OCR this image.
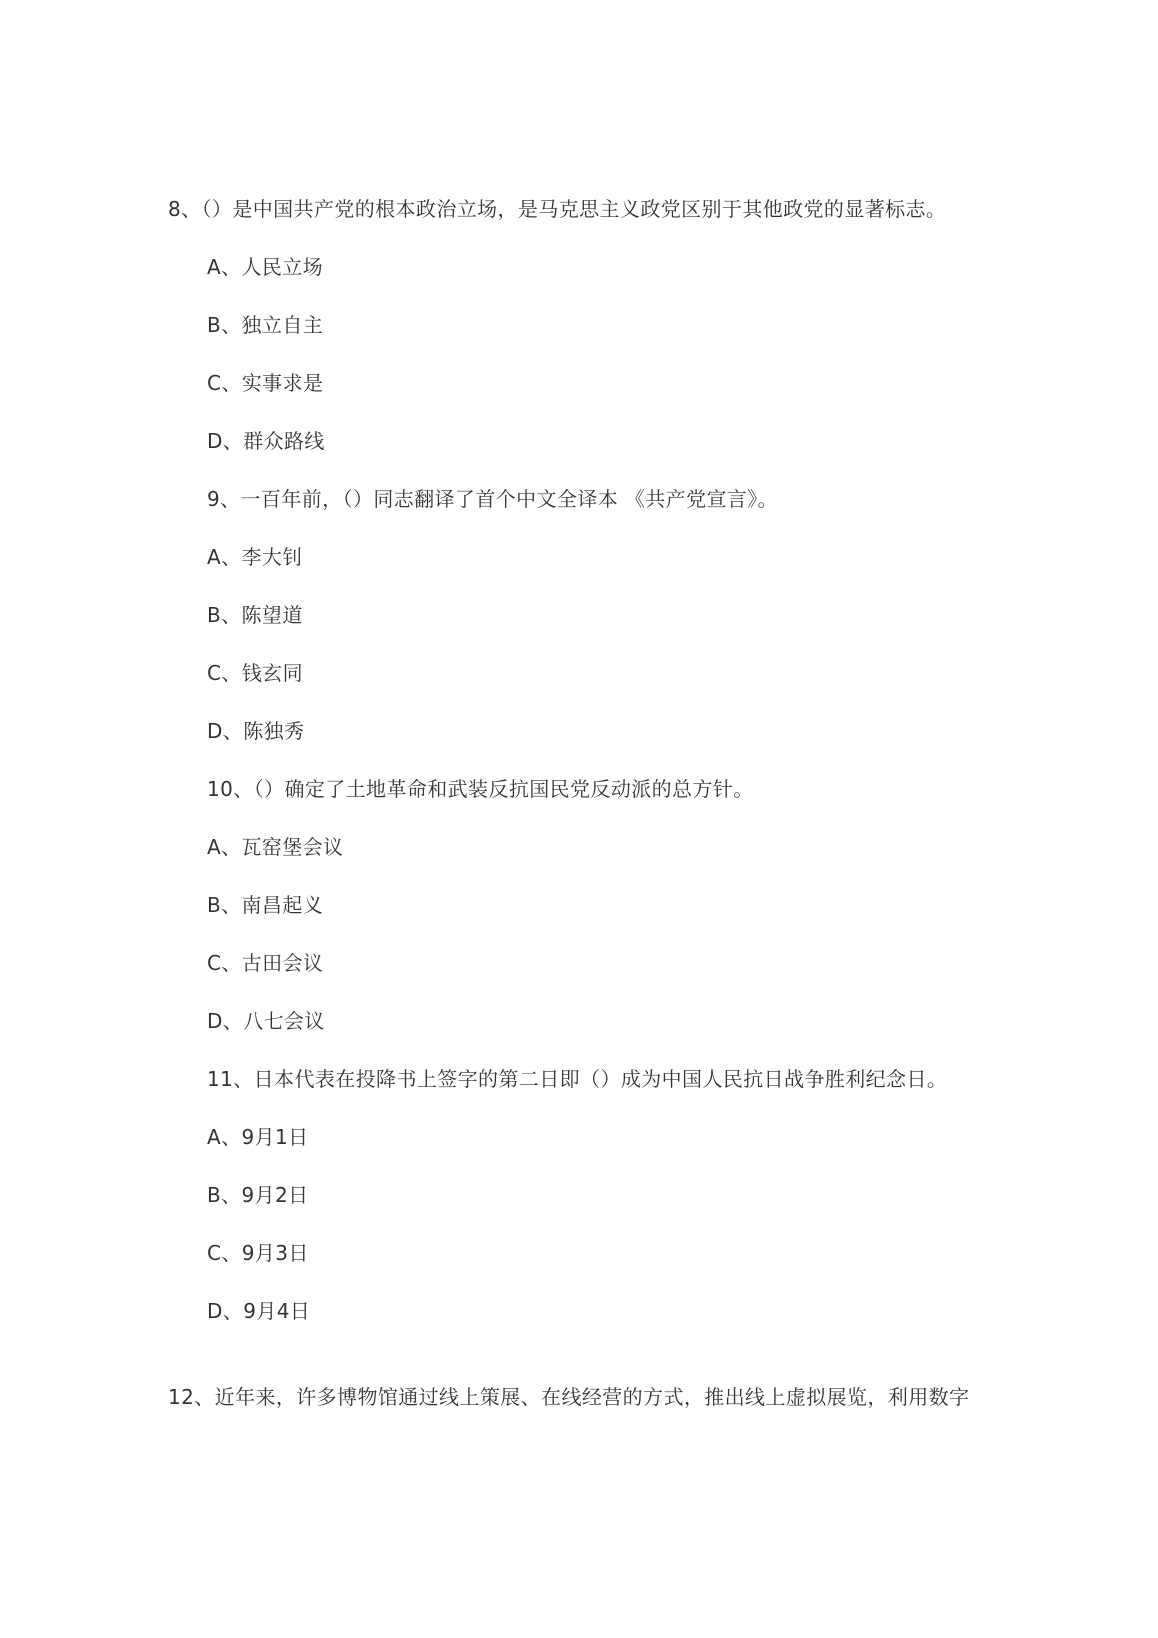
8、（）是中国共产党的根本政治立场，是马克思主义政党区别于其他政党的显著标志。
A、人民立场
B、独立自主
C、实事求是
D、群众路线
9、一百年前，（）同志翻译了首个中文全译本 《共产党宣言》。
A、李大钊
B、陈望道
C、钱玄同
D、陈独秀
10、（）确定了土地革命和武装反抗国民党反动派的总方针。
A、瓦窑堡会议
B、南昌起义
C、古田会议
D、八七会议
11、日本代表在投降书上签字的第二日即（）成为中国人民抗日战争胜利纪念日。
A、9月1日
B、9月2日
C、9月3日
D、9月4日
12、近年来，许多博物馆通过线上策展、在线经营的方式，推出线上虚拟展览，利用数字
